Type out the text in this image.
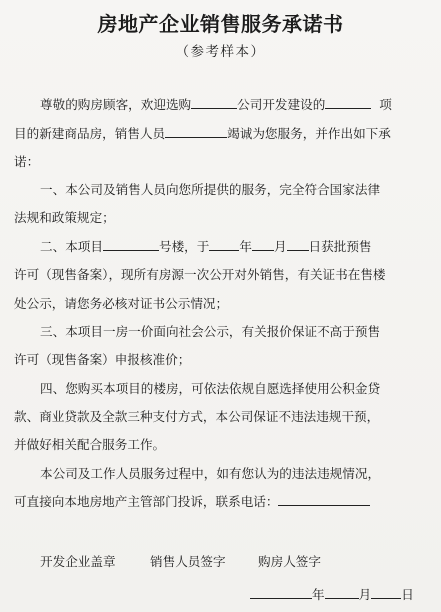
房地产企业销售服务承诺书
（参考样本）
尊敬的购房顾客，欢迎选购	公司开发建设的	项
目的新建商品房，销售人员	竭诚为您服务，并作出如下承
诺：
一、本公司及销售人员向您所提供的服务，完全符合国家法律
法规和政策规定；
二、本项目	号楼，于 年 月 日获批预售
许可（现售备案），现所有房源一次公开对外销售，有关证书在售楼
处公示，请您务必核对证书公示情况；
三、本项目一房一价面向社会公示，有关报价保证不高于预售
许可（现售备案）申报核准价；
四、您购买本项目的楼房，可依法依规自愿选择使用公积金贷
款、商业贷款及全款三种支付方式，本公司保证不违法违规干预，
并做好相关配合服务工作。
本公司及工作人员服务过程中，如有您认为的违法违规情况，
可直接向本地房地产主管部门投诉，联系电话：
开发企业盖章	销售人员签字	购房人签字
年	月 日
